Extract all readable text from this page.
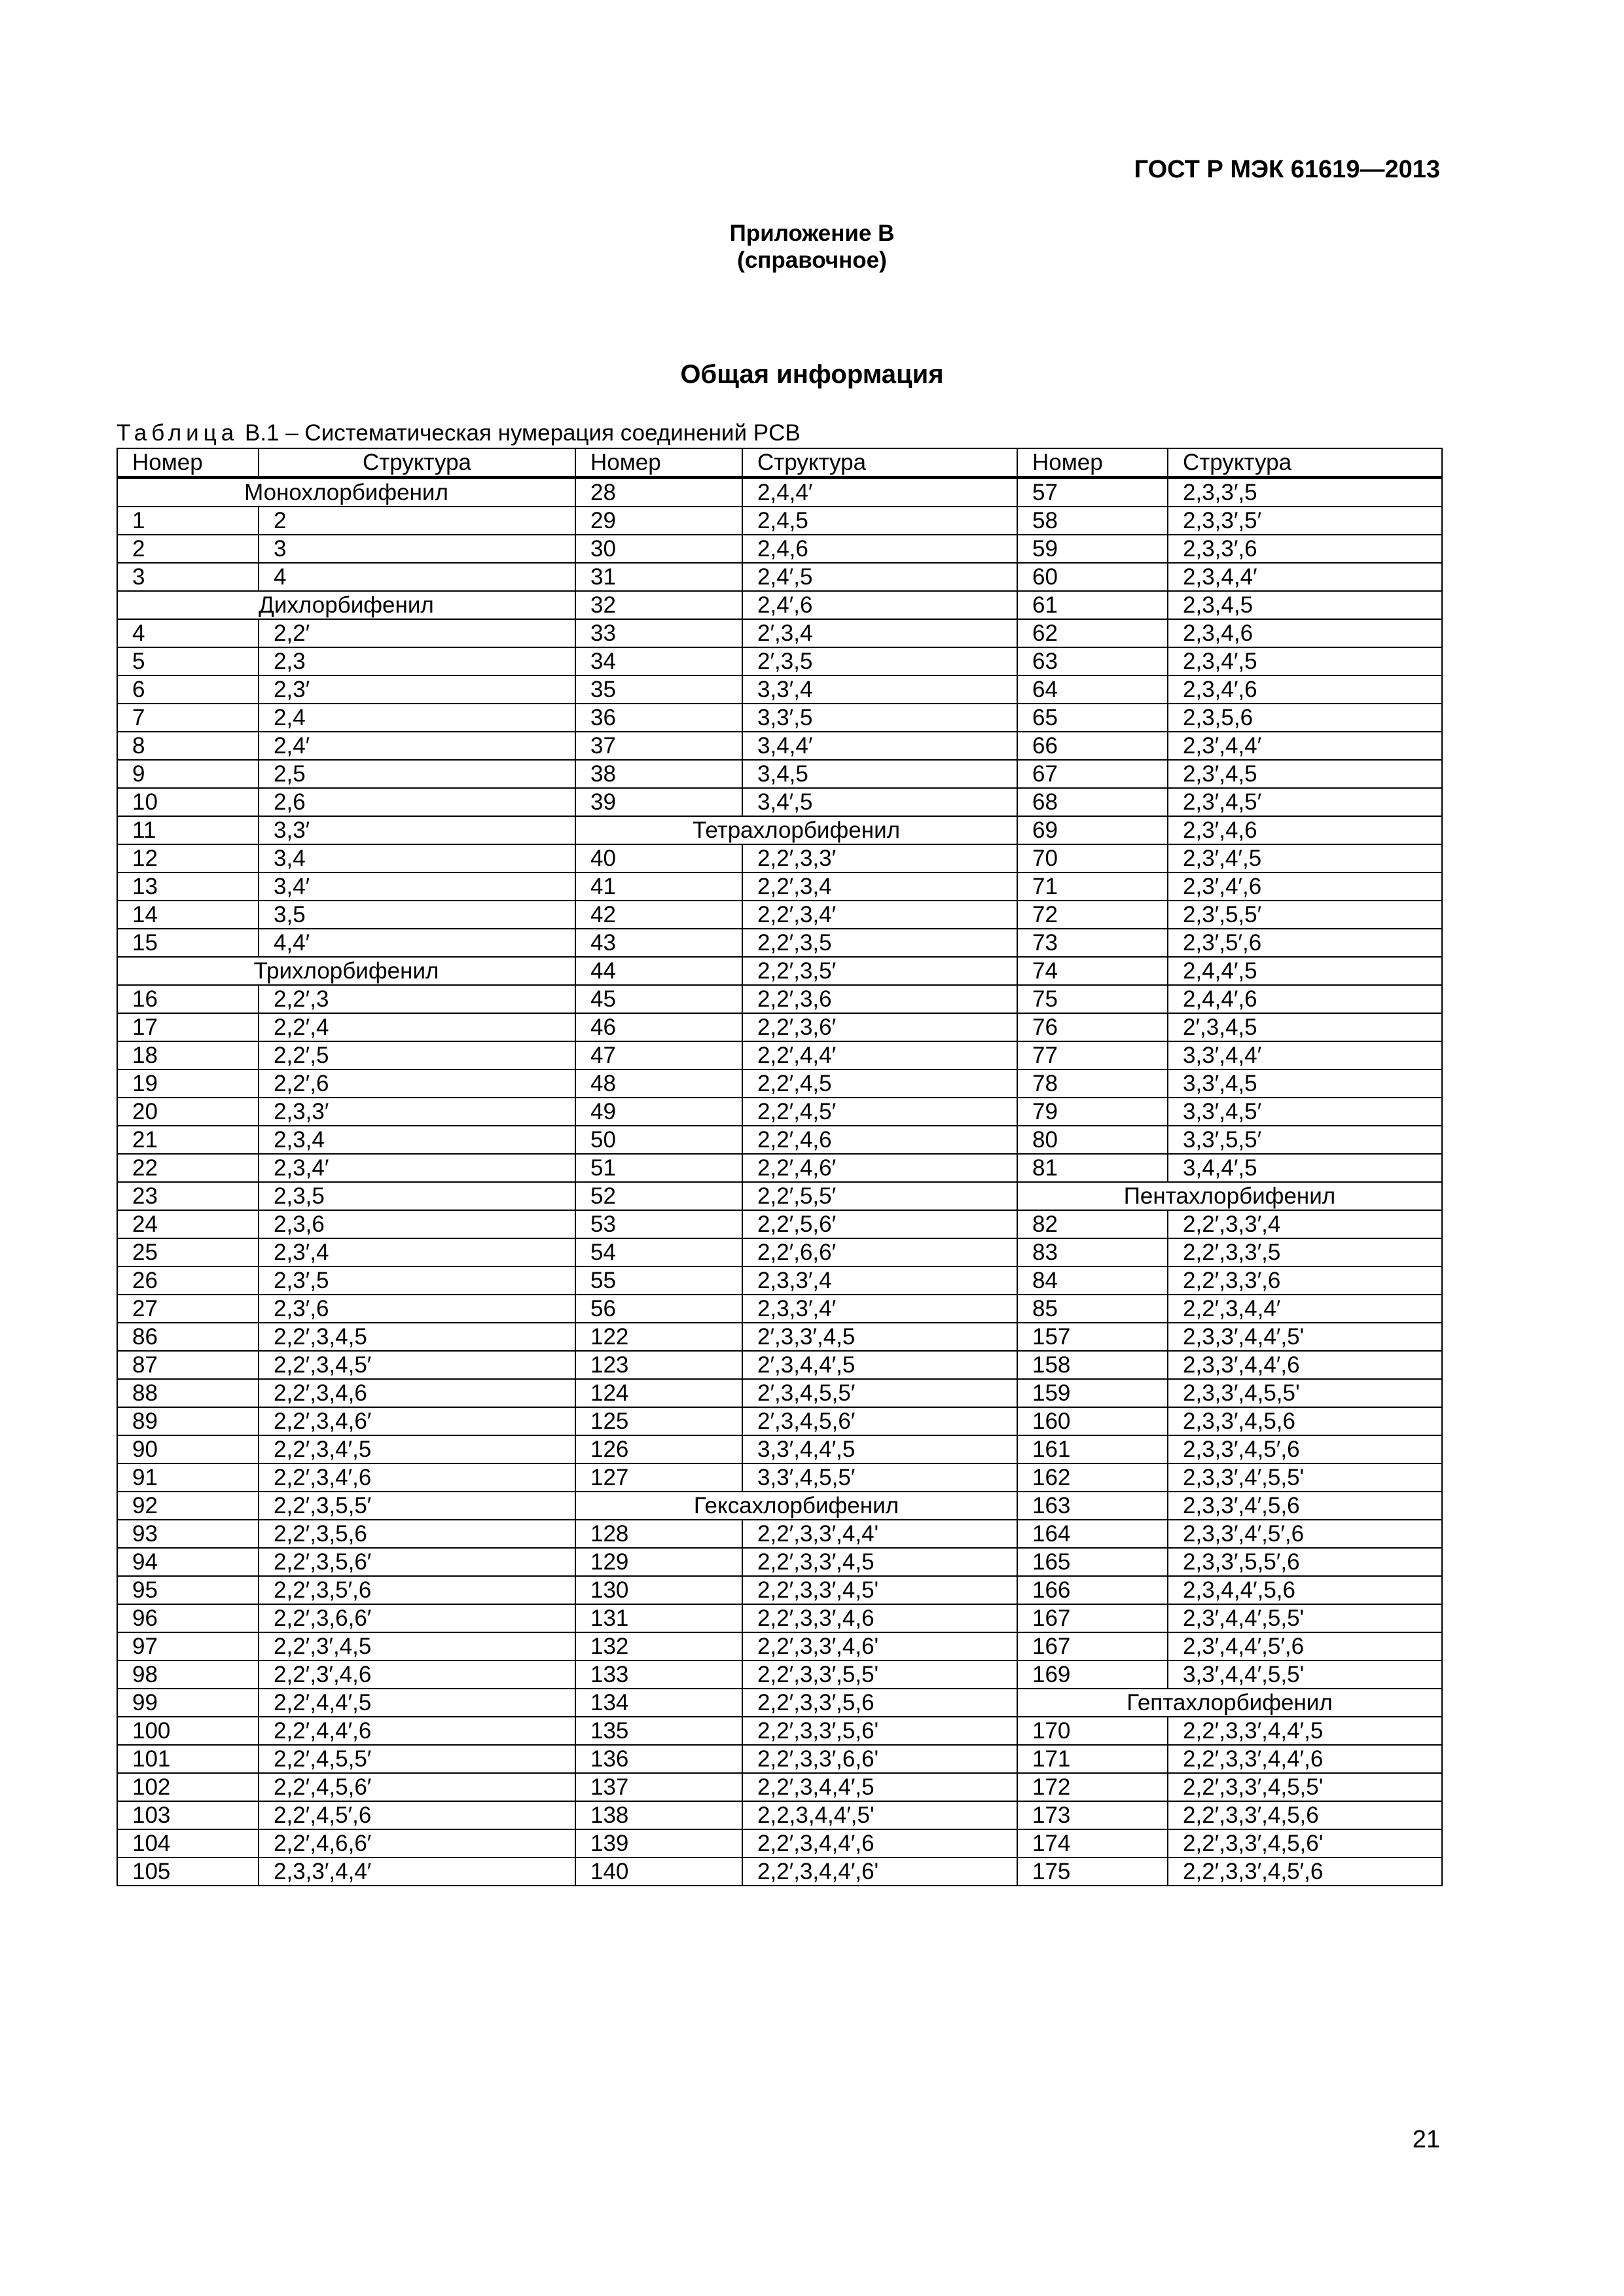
ГОСТ Р МЭК 61619—2013
Приложение В
(справочное)
Общая информация
Таблица В.1 – Систематическая нумерация соединений PCB
Номер	Структура	Номер	Структура	Номер	Структура
Монохлорбифенил		28	2,4,4′	57	2,3,3′,5
1	2	29	2,4,5	58	2,3,3′,5′
2	3	30	2,4,6	59	2,3,3′,6
3	4	31	2,4′,5	60	2,3,4,4′
Дихлорбифенил		32	2,4′,6	61	2,3,4,5
4	2,2′	33	2′,3,4	62	2,3,4,6
5	2,3	34	2′,3,5	63	2,3,4′,5
6	2,3′	35	3,3′,4	64	2,3,4′,6
7	2,4	36	3,3′,5	65	2,3,5,6
8	2,4′	37	3,4,4′	66	2,3′,4,4′
9	2,5	38	3,4,5	67	2,3′,4,5
10	2,6	39	3,4′,5	68	2,3′,4,5′
11	3,3′	Тетрахлорбифенил		69	2,3′,4,6
12	3,4	40	2,2′,3,3′	70	2,3′,4′,5
13	3,4′	41	2,2′,3,4	71	2,3′,4′,6
14	3,5	42	2,2′,3,4′	72	2,3′,5,5′
15	4,4′	43	2,2′,3,5	73	2,3′,5′,6
Трихлорбифенил		44	2,2′,3,5′	74	2,4,4′,5
16	2,2′,3	45	2,2′,3,6	75	2,4,4′,6
17	2,2′,4	46	2,2′,3,6′	76	2′,3,4,5
18	2,2′,5	47	2,2′,4,4′	77	3,3′,4,4′
19	2,2′,6	48	2,2′,4,5	78	3,3′,4,5
20	2,3,3′	49	2,2′,4,5′	79	3,3′,4,5′
21	2,3,4	50	2,2′,4,6	80	3,3′,5,5′
22	2,3,4′	51	2,2′,4,6′	81	3,4,4′,5
23	2,3,5	52	2,2′,5,5′	Пентахлорбифенил	
24	2,3,6	53	2,2′,5,6′	82	2,2′,3,3′,4
25	2,3′,4	54	2,2′,6,6′	83	2,2′,3,3′,5
26	2,3′,5	55	2,3,3′,4	84	2,2′,3,3′,6
27	2,3′,6	56	2,3,3′,4′	85	2,2′,3,4,4′
86	2,2′,3,4,5	122	2′,3,3′,4,5	157	2,3,3′,4,4′,5'
87	2,2′,3,4,5′	123	2′,3,4,4′,5	158	2,3,3′,4,4′,6
88	2,2′,3,4,6	124	2′,3,4,5,5′	159	2,3,3′,4,5,5'
89	2,2′,3,4,6′	125	2′,3,4,5,6′	160	2,3,3′,4,5,6
90	2,2′,3,4′,5	126	3,3′,4,4′,5	161	2,3,3′,4,5′,6
91	2,2′,3,4′,6	127	3,3′,4,5,5′	162	2,3,3′,4′,5,5'
92	2,2′,3,5,5′	Гексахлорбифенил		163	2,3,3′,4′,5,6
93	2,2′,3,5,6	128	2,2′,3,3′,4,4'	164	2,3,3′,4′,5′,6
94	2,2′,3,5,6′	129	2,2′,3,3′,4,5	165	2,3,3′,5,5′,6
95	2,2′,3,5′,6	130	2,2′,3,3′,4,5'	166	2,3,4,4′,5,6
96	2,2′,3,6,6′	131	2,2′,3,3′,4,6	167	2,3′,4,4′,5,5'
97	2,2′,3′,4,5	132	2,2′,3,3′,4,6'	167	2,3′,4,4′,5′,6
98	2,2′,3′,4,6	133	2,2′,3,3′,5,5'	169	3,3′,4,4′,5,5'
99	2,2′,4,4′,5	134	2,2′,3,3′,5,6	Гептахлорбифенил	
100	2,2′,4,4′,6	135	2,2′,3,3′,5,6'	170	2,2′,3,3′,4,4′,5
101	2,2′,4,5,5′	136	2,2′,3,3′,6,6'	171	2,2′,3,3′,4,4′,6
102	2,2′,4,5,6′	137	2,2′,3,4,4′,5	172	2,2′,3,3′,4,5,5'
103	2,2′,4,5′,6	138	2,2,3,4,4′,5'	173	2,2′,3,3′,4,5,6
104	2,2′,4,6,6′	139	2,2′,3,4,4′,6	174	2,2′,3,3′,4,5,6'
105	2,3,3′,4,4′	140	2,2′,3,4,4′,6'	175	2,2′,3,3′,4,5′,6
21
